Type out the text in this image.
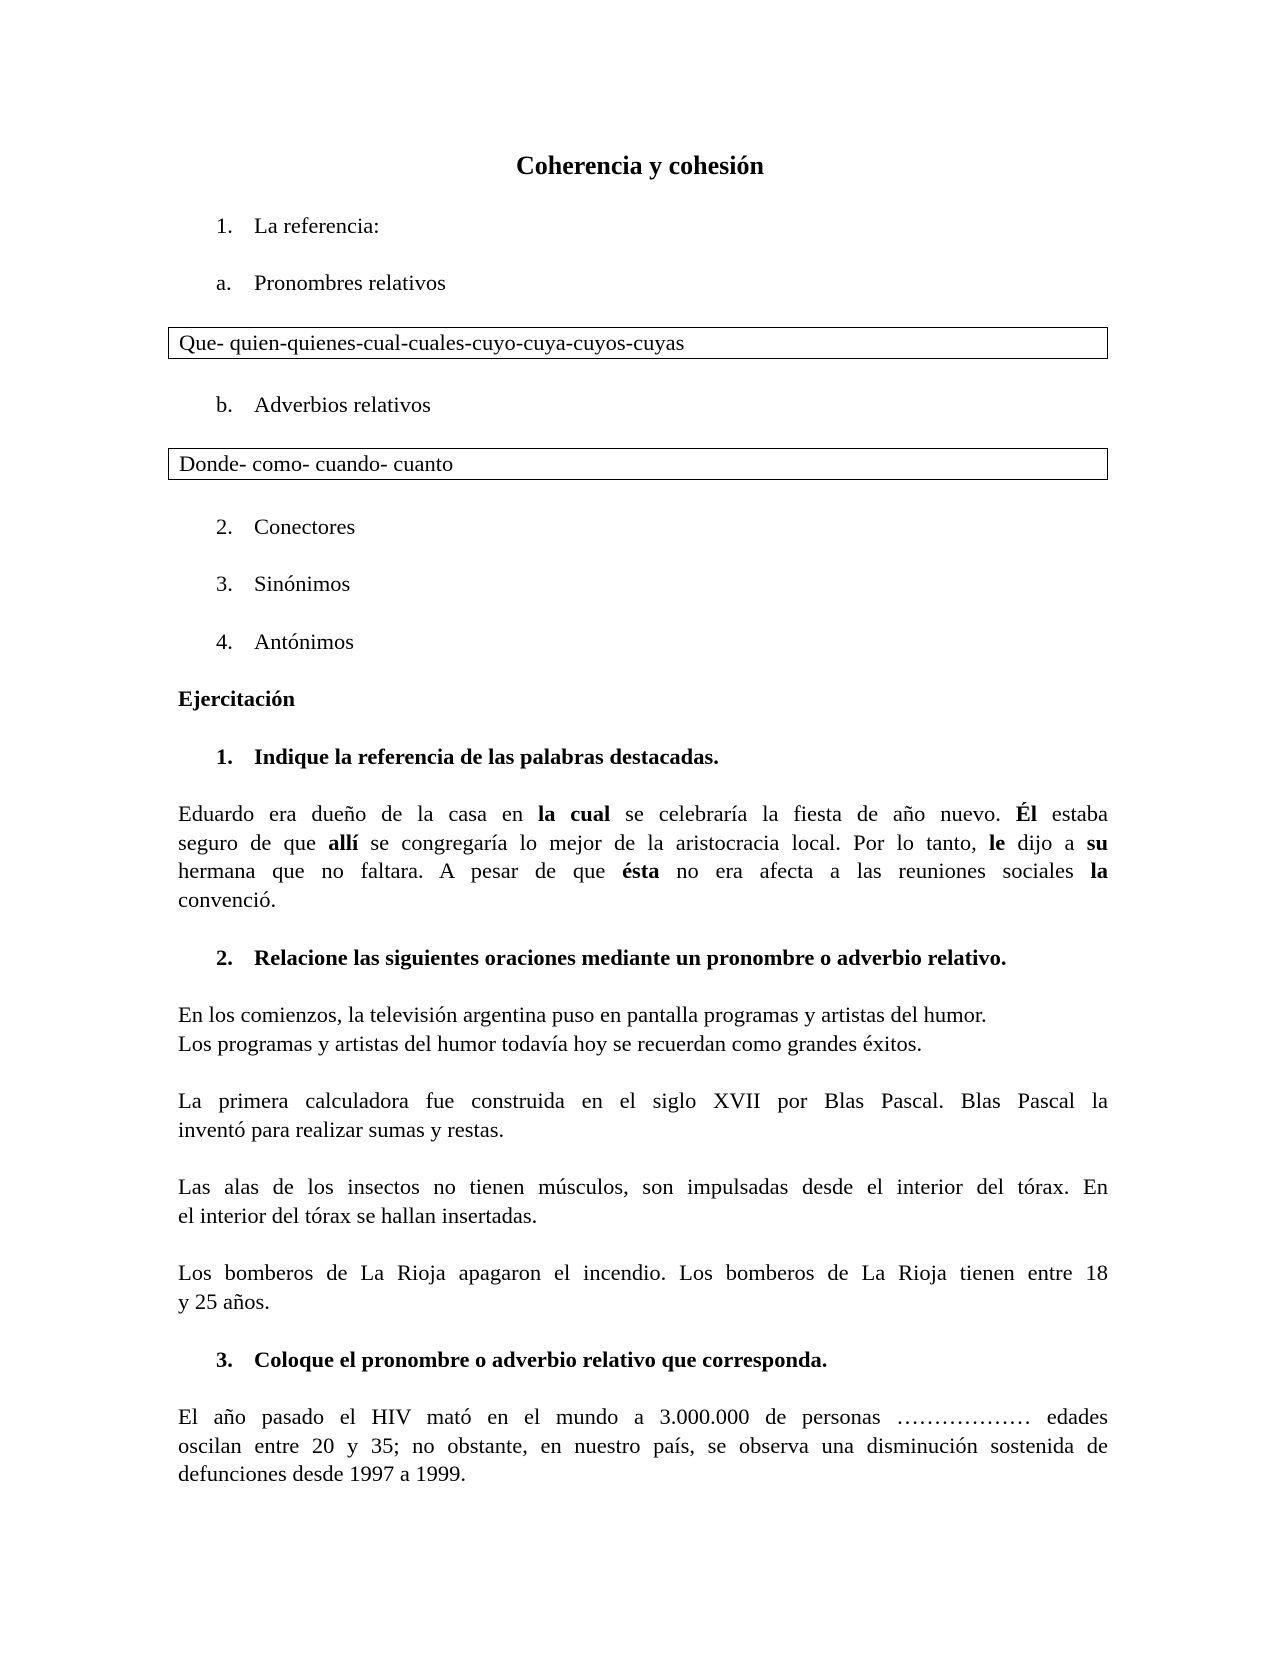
Coherencia y cohesión
1. La referencia:
a. Pronombres relativos
Que- quien-quienes-cual-cuales-cuyo-cuya-cuyos-cuyas
b. Adverbios relativos
Donde- como- cuando- cuanto
2. Conectores
3. Sinónimos
4. Antónimos
Ejercitación
1. Indique la referencia de las palabras destacadas.
Eduardo era dueño de la casa en la cual se celebraría la fiesta de año nuevo. Él estaba
seguro de que allí se congregaría lo mejor de la aristocracia local. Por lo tanto, le dijo a su
hermana que no faltara. A pesar de que ésta no era afecta a las reuniones sociales la
convenció.
2. Relacione las siguientes oraciones mediante un pronombre o adverbio relativo.
En los comienzos, la televisión argentina puso en pantalla programas y artistas del humor.
Los programas y artistas del humor todavía hoy se recuerdan como grandes éxitos.
La primera calculadora fue construida en el siglo XVII por Blas Pascal. Blas Pascal la
inventó para realizar sumas y restas.
Las alas de los insectos no tienen músculos, son impulsadas desde el interior del tórax. En
el interior del tórax se hallan insertadas.
Los bomberos de La Rioja apagaron el incendio. Los bomberos de La Rioja tienen entre 18
y 25 años.
3. Coloque el pronombre o adverbio relativo que corresponda.
El año pasado el HIV mató en el mundo a 3.000.000 de personas ……………… edades
oscilan entre 20 y 35; no obstante, en nuestro país, se observa una disminución sostenida de
defunciones desde 1997 a 1999.
